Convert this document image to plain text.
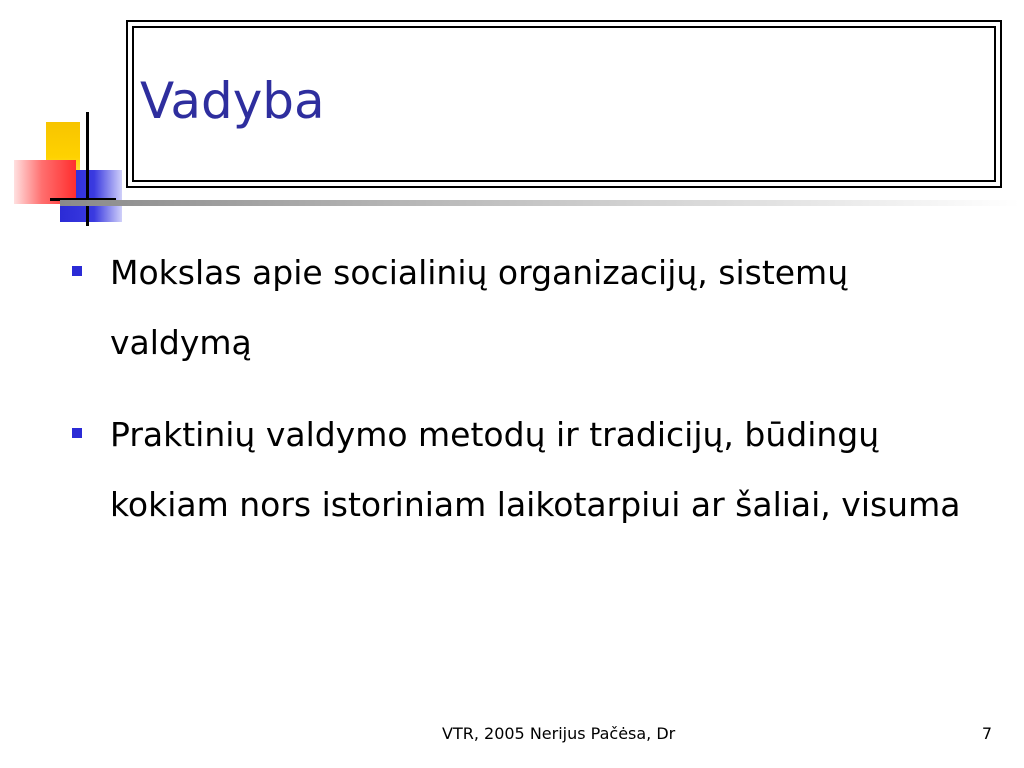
Vadyba
Mokslas apie socialinių organizacijų, sistemų valdymą
Praktinių valdymo metodų ir tradicijų, būdingų kokiam nors istoriniam laikotarpiui ar šaliai, visuma
VTR, 2005 Nerijus Pačėsa, Dr	7
